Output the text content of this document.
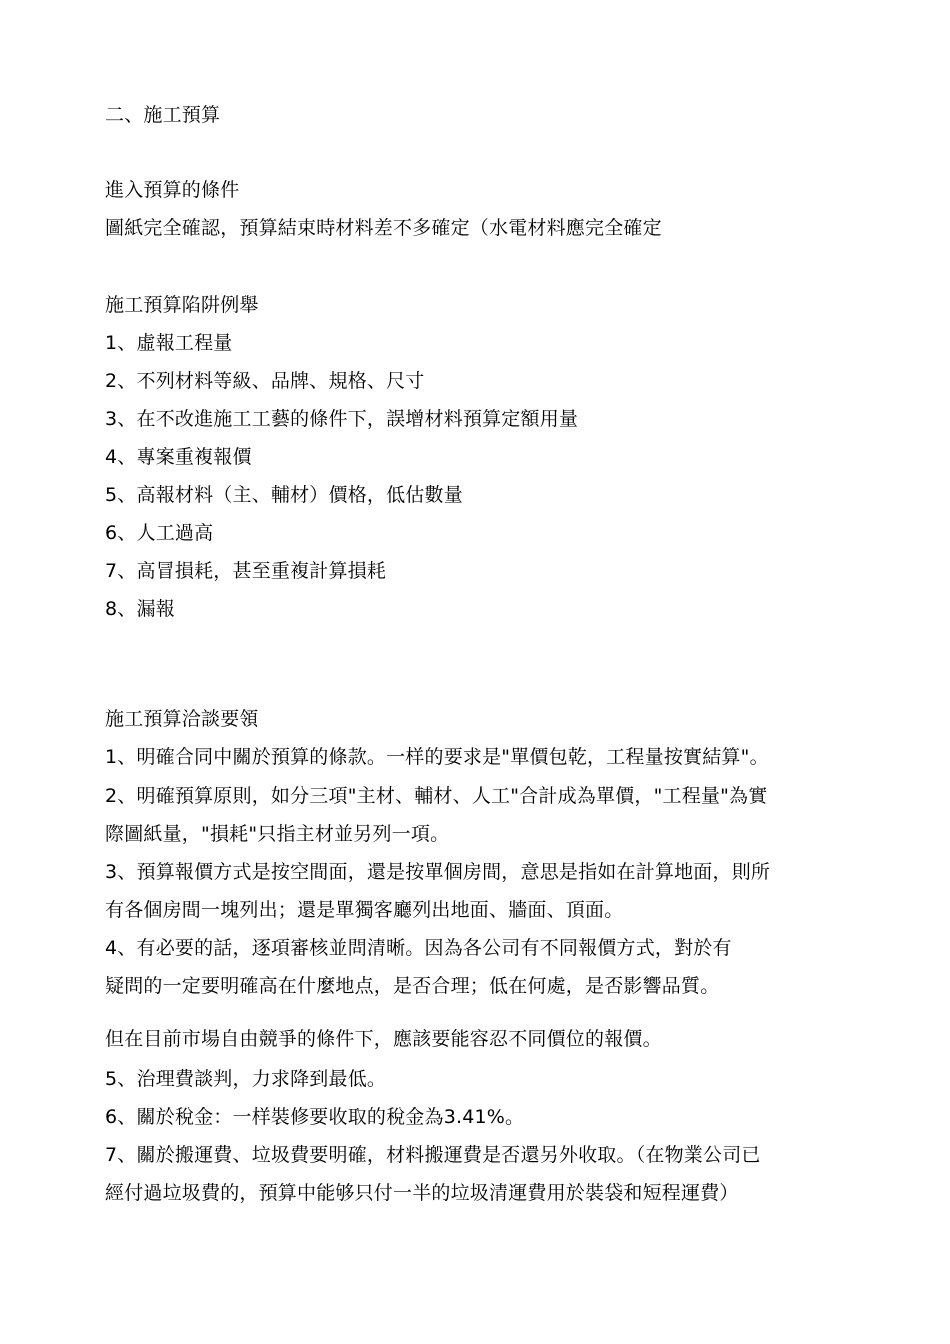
二、施工預算
進入預算的條件
圖紙完全確認，預算結束時材料差不多確定（水電材料應完全確定
施工預算陷阱例舉
1、虛報工程量
2、不列材料等級、品牌、規格、尺寸
3、在不改進施工工藝的條件下，誤增材料預算定額用量
4、專案重複報價
5、高報材料（主、輔材）價格，低估數量
6、人工過高
7、高冒損耗，甚至重複計算損耗
8、漏報
施工預算洽談要領
1、明確合同中關於預算的條款。一样的要求是"單價包乾，工程量按實結算"。
2、明確預算原則，如分三項"主材、輔材、人工"合計成為單價，"工程量"為實
際圖紙量，"損耗"只指主材並另列一項。
3、預算報價方式是按空間面，還是按單個房間，意思是指如在計算地面，則所
有各個房間一塊列出；還是單獨客廳列出地面、牆面、頂面。
4、有必要的話，逐項審核並問清晰。因為各公司有不同報價方式，對於有
疑問的一定要明確高在什麼地点，是否合理；低在何處，是否影響品質。
但在目前市場自由競爭的條件下，應該要能容忍不同價位的報價。
5、治理費談判，力求降到最低。
6、關於稅金：一样裝修要收取的稅金為3.41%。
7、關於搬運費、垃圾費要明確，材料搬運費是否還另外收取。（在物業公司已
經付過垃圾費的，預算中能够只付一半的垃圾清運費用於裝袋和短程運費）
